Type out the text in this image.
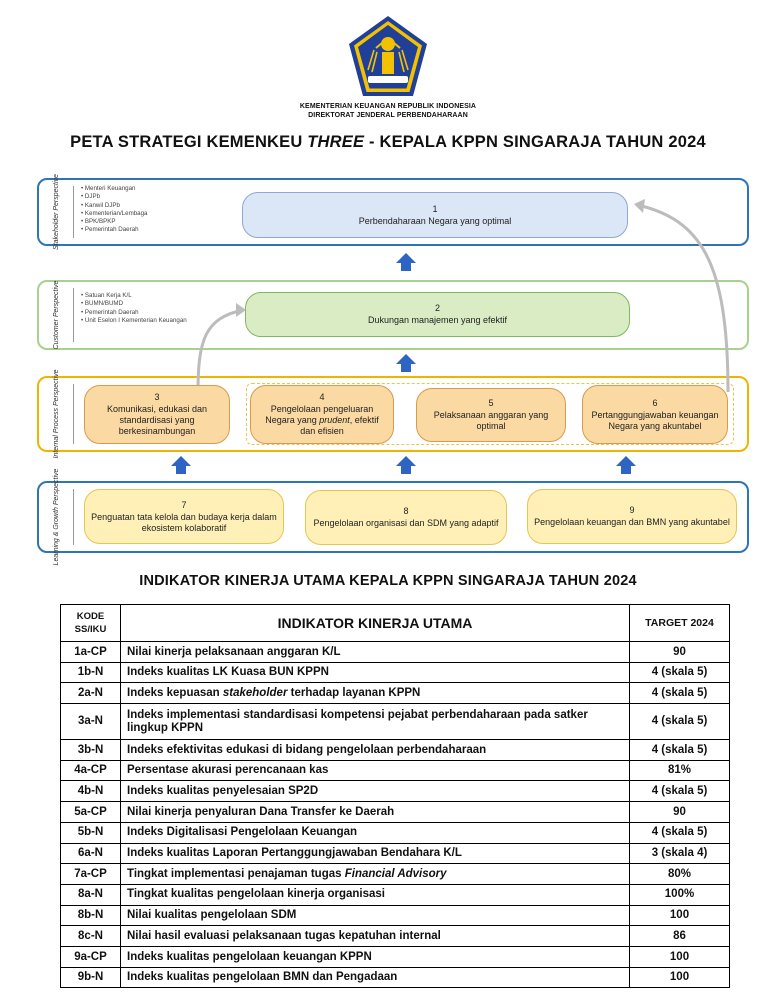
KEMENTERIAN KEUANGAN REPUBLIK INDONESIA
DIREKTORAT JENDERAL PERBENDAHARAAN
PETA STRATEGI KEMENKEU THREE - KEPALA KPPN SINGARAJA TAHUN 2024
Stakeholder Perspective	• Menteri Keuangan
• DJPb
• Kanwil DJPb
• Kementerian/Lembaga
• BPK/BPKP
• Pemerintah Daerah
Customer Perspective	• Satuan Kerja K/L
• BUMN/BUMD
• Pemerintah Daerah
• Unit Eselon I Kementerian Keuangan
Internal Process Perspective
Learning & Growth Perspective
1
Perbendaharaan Negara yang optimal
2
Dukungan manajemen yang efektif
3
Komunikasi, edukasi dan standardisasi yang berkesinambungan
4
Pengelolaan pengeluaran Negara yang prudent, efektif dan efisien
5
Pelaksanaan anggaran yang optimal
6
Pertanggungjawaban keuangan Negara yang akuntabel
7
Penguatan tata kelola dan budaya kerja dalam ekosistem kolaboratif
8
Pengelolaan organisasi dan SDM yang adaptif
9
Pengelolaan keuangan dan BMN yang akuntabel
INDIKATOR KINERJA UTAMA KEPALA KPPN SINGARAJA TAHUN 2024
KODE SS/IKU	INDIKATOR KINERJA UTAMA	TARGET 2024
1a-CP	Nilai kinerja pelaksanaan anggaran K/L	90
1b-N	Indeks kualitas LK Kuasa BUN KPPN	4 (skala 5)
2a-N	Indeks kepuasan stakeholder terhadap layanan KPPN	4 (skala 5)
3a-N	Indeks implementasi standardisasi kompetensi pejabat perbendaharaan pada satker lingkup KPPN	4 (skala 5)
3b-N	Indeks efektivitas edukasi di bidang pengelolaan perbendaharaan	4 (skala 5)
4a-CP	Persentase akurasi perencanaan kas	81%
4b-N	Indeks kualitas penyelesaian SP2D	4 (skala 5)
5a-CP	Nilai kinerja penyaluran Dana Transfer ke Daerah	90
5b-N	Indeks Digitalisasi Pengelolaan Keuangan	4 (skala 5)
6a-N	Indeks kualitas Laporan Pertanggungjawaban Bendahara K/L	3 (skala 4)
7a-CP	Tingkat implementasi penajaman tugas Financial Advisory	80%
8a-N	Tingkat kualitas pengelolaan kinerja organisasi	100%
8b-N	Nilai kualitas pengelolaan SDM	100
8c-N	Nilai hasil evaluasi pelaksanaan tugas kepatuhan internal	86
9a-CP	Indeks kualitas pengelolaan keuangan KPPN	100
9b-N	Indeks kualitas pengelolaan BMN dan Pengadaan	100
